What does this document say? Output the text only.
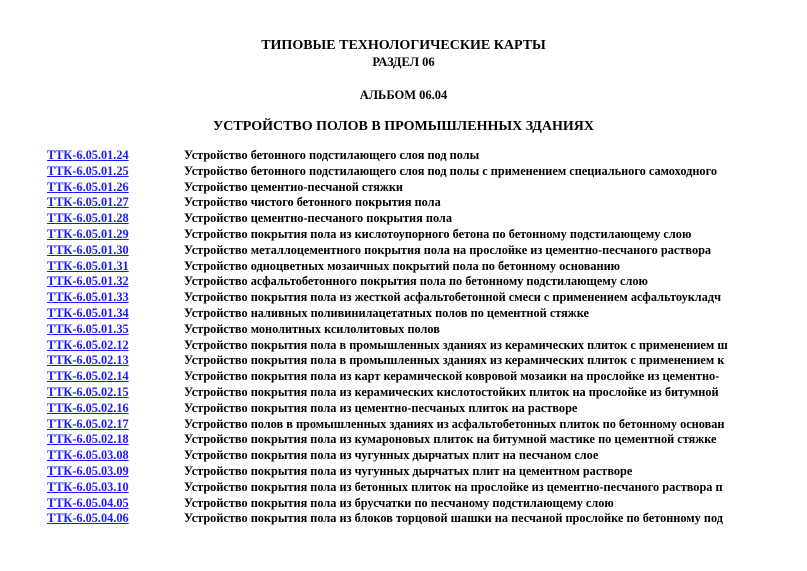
ТИПОВЫЕ ТЕХНОЛОГИЧЕСКИЕ КАРТЫ
РАЗДЕЛ 06
АЛЬБОМ 06.04
УСТРОЙСТВО ПОЛОВ В ПРОМЫШЛЕННЫХ ЗДАНИЯХ
ТТК-6.05.01.24	Устройство бетонного подстилающего слоя под полы
ТТК-6.05.01.25	Устройство бетонного подстилающего слоя под полы с применением специального самоходного
ТТК-6.05.01.26	Устройство цементно-песчаной стяжки
ТТК-6.05.01.27	Устройство чистого бетонного покрытия пола
ТТК-6.05.01.28	Устройство цементно-песчаного покрытия пола
ТТК-6.05.01.29	Устройство покрытия пола из кислотоупорного бетона по бетонному подстилающему слою
ТТК-6.05.01.30	Устройство металлоцементного покрытия пола на прослойке из цементно-песчаного раствора
ТТК-6.05.01.31	Устройство одноцветных мозаичных покрытий пола по бетонному основанию
ТТК-6.05.01.32	Устройство асфальтобетонного покрытия пола по бетонному подстилающему слою
ТТК-6.05.01.33	Устройство покрытия пола из жесткой асфальтобетонной смеси с применением асфальтоукладч
ТТК-6.05.01.34	Устройство наливных поливинилацетатных полов по цементной стяжке
ТТК-6.05.01.35	Устройство монолитных ксилолитовых полов
ТТК-6.05.02.12	Устройство покрытия пола в промышленных зданиях из керамических плиток с применением ш
ТТК-6.05.02.13	Устройство покрытия пола в промышленных зданиях из керамических плиток с применением к
ТТК-6.05.02.14	Устройство покрытия пола из карт керамической ковровой мозаики на прослойке из цементно-
ТТК-6.05.02.15	Устройство покрытия пола из керамических кислотостойких плиток на прослойке из битумной
ТТК-6.05.02.16	Устройство покрытия пола из цементно-песчаных плиток на растворе
ТТК-6.05.02.17	Устройство полов в промышленных зданиях из асфальтобетонных плиток по бетонному основан
ТТК-6.05.02.18	Устройство покрытия пола из кумароновых плиток на битумной мастике по цементной стяжке
ТТК-6.05.03.08	Устройство покрытия пола из чугунных дырчатых плит на песчаном слое
ТТК-6.05.03.09	Устройство покрытия пола из чугунных дырчатых плит на цементном растворе
ТТК-6.05.03.10	Устройство покрытия пола из бетонных плиток на прослойке из цементно-песчаного раствора п
ТТК-6.05.04.05	Устройство покрытия пола из брусчатки по песчаному подстилающему слою
ТТК-6.05.04.06	Устройство покрытия пола из блоков торцовой шашки на песчаной прослойке по бетонному под
